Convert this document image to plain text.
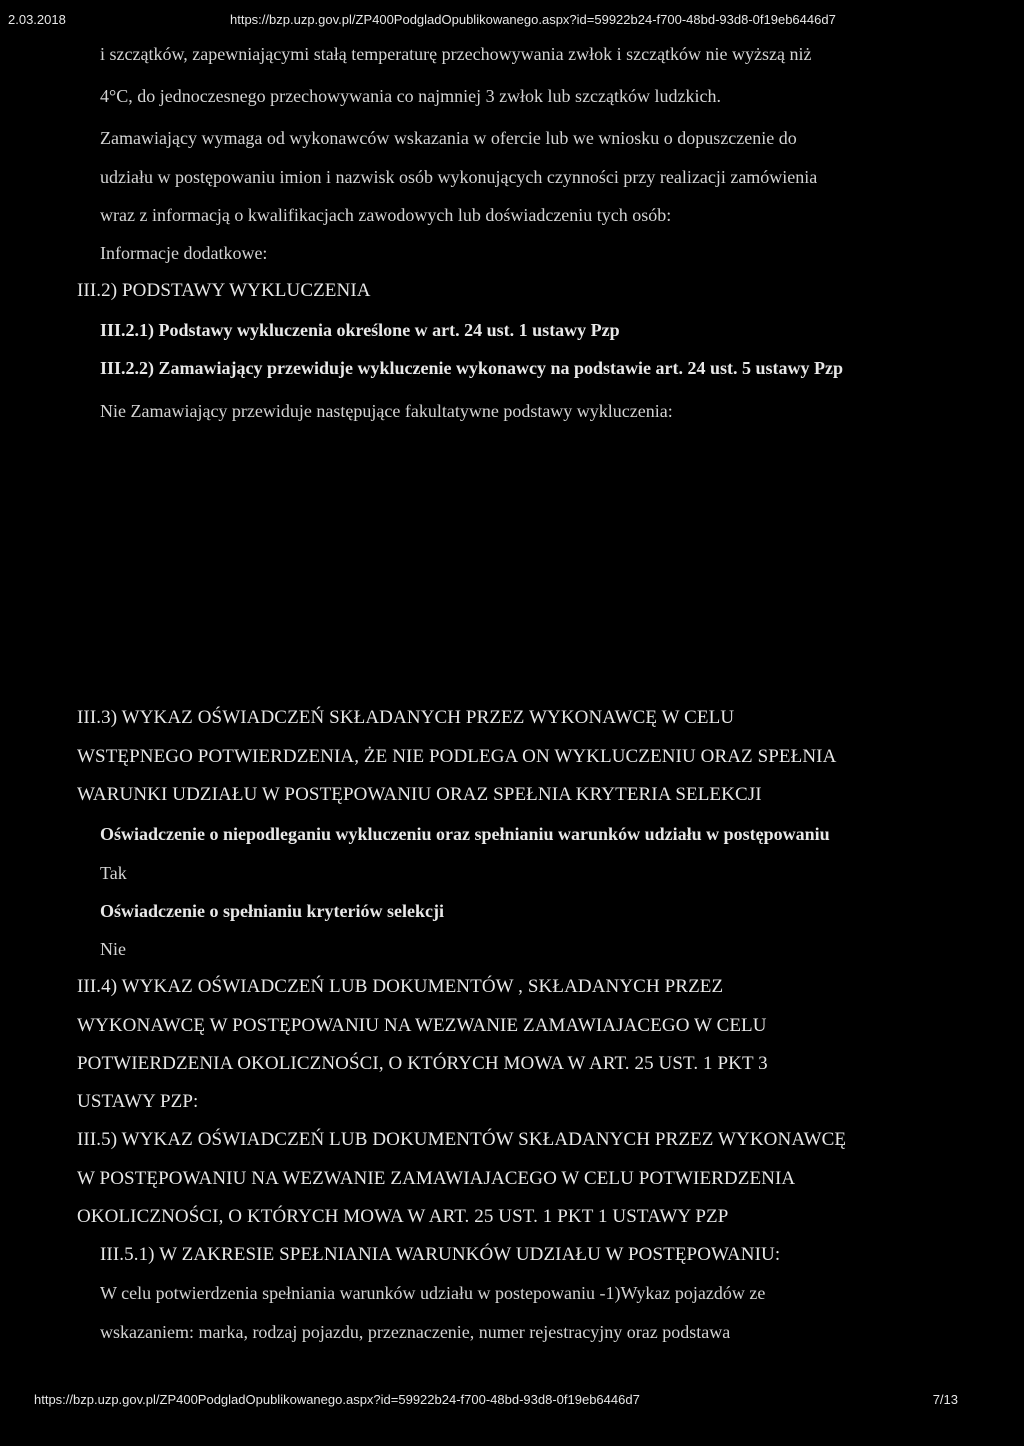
2.03.2018	https://bzp.uzp.gov.pl/ZP400PodgladOpublikowanego.aspx?id=59922b24-f700-48bd-93d8-0f19eb6446d7
i szczątków, zapewniającymi stałą temperaturę przechowywania zwłok i szczątków nie wyższą niż
4°C, do jednoczesnego przechowywania co najmniej 3 zwłok lub szczątków ludzkich.
Zamawiający wymaga od wykonawców wskazania w ofercie lub we wniosku o dopuszczenie do
udziału w postępowaniu imion i nazwisk osób wykonujących czynności przy realizacji zamówienia
wraz z informacją o kwalifikacjach zawodowych lub doświadczeniu tych osób:
Informacje dodatkowe:
III.2) PODSTAWY WYKLUCZENIA
III.2.1) Podstawy wykluczenia określone w art. 24 ust. 1 ustawy Pzp
III.2.2) Zamawiający przewiduje wykluczenie wykonawcy na podstawie art. 24 ust. 5 ustawy Pzp
Nie Zamawiający przewiduje następujące fakultatywne podstawy wykluczenia:
III.3) WYKAZ OŚWIADCZEŃ SKŁADANYCH PRZEZ WYKONAWCĘ W CELU
WSTĘPNEGO POTWIERDZENIA, ŻE NIE PODLEGA ON WYKLUCZENIU ORAZ SPEŁNIA
WARUNKI UDZIAŁU W POSTĘPOWANIU ORAZ SPEŁNIA KRYTERIA SELEKCJI
Oświadczenie o niepodleganiu wykluczeniu oraz spełnianiu warunków udziału w postępowaniu
Tak
Oświadczenie o spełnianiu kryteriów selekcji
Nie
III.4) WYKAZ OŚWIADCZEŃ LUB DOKUMENTÓW , SKŁADANYCH PRZEZ
WYKONAWCĘ W POSTĘPOWANIU NA WEZWANIE ZAMAWIAJACEGO W CELU
POTWIERDZENIA OKOLICZNOŚCI, O KTÓRYCH MOWA W ART. 25 UST. 1 PKT 3
USTAWY PZP:
III.5) WYKAZ OŚWIADCZEŃ LUB DOKUMENTÓW SKŁADANYCH PRZEZ WYKONAWCĘ
W POSTĘPOWANIU NA WEZWANIE ZAMAWIAJACEGO W CELU POTWIERDZENIA
OKOLICZNOŚCI, O KTÓRYCH MOWA W ART. 25 UST. 1 PKT 1 USTAWY PZP
III.5.1) W ZAKRESIE SPEŁNIANIA WARUNKÓW UDZIAŁU W POSTĘPOWANIU:
W celu potwierdzenia spełniania warunków udziału w postepowaniu -1)Wykaz pojazdów ze
wskazaniem: marka, rodzaj pojazdu, przeznaczenie, numer rejestracyjny oraz podstawa
https://bzp.uzp.gov.pl/ZP400PodgladOpublikowanego.aspx?id=59922b24-f700-48bd-93d8-0f19eb6446d7	7/13
